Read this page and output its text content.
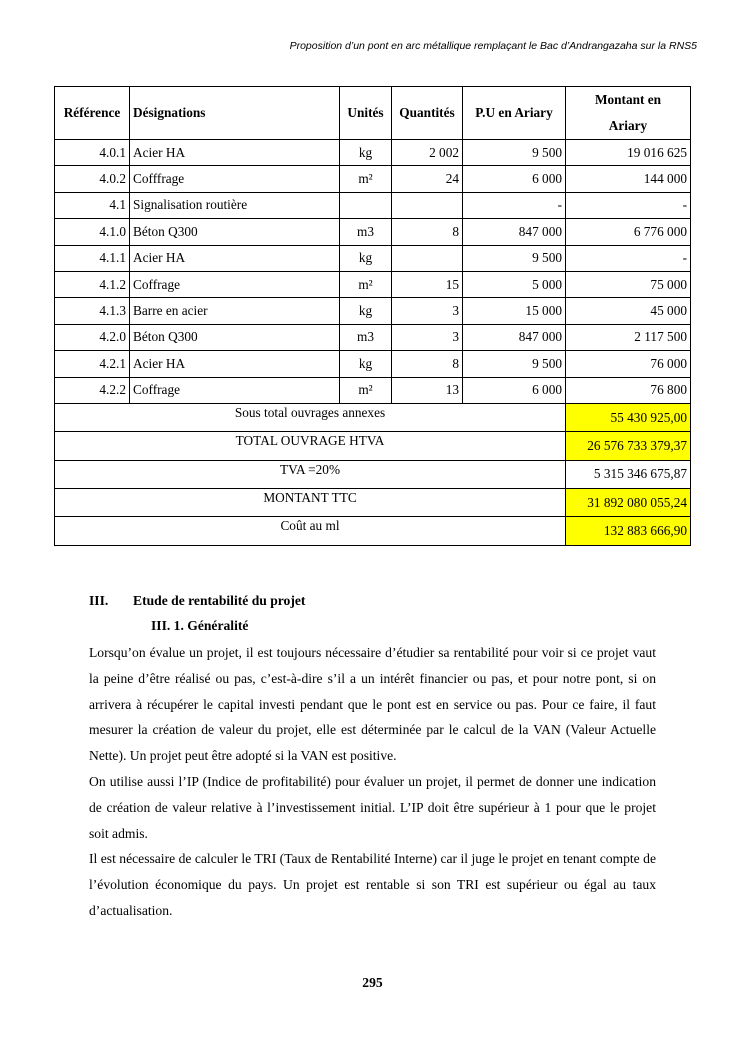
Proposition d’un pont en arc métallique remplaçant le Bac d’Andrangazaha sur la RNS5
Référence	Désignations	Unités	Quantités	P.U en Ariary	Montant en
Ariary

4.0.1	Acier HA	kg	2 002	9 500	19 016 625
4.0.2	Cofffrage	m²	24	6 000	144 000
4.1	Signalisation routière			-	-
4.1.0	Béton Q300	m3	8	847 000	6 776 000
4.1.1	Acier HA	kg		9 500	-
4.1.2	Coffrage	m²	15	5 000	75 000
4.1.3	Barre en acier	kg	3	15 000	45 000
4.2.0	Béton Q300	m3	3	847 000	2 117 500
4.2.1	Acier HA	kg	8	9 500	76 000
4.2.2	Coffrage	m²	13	6 000	76 800
Sous total ouvrages annexes					55 430 925,00
TOTAL OUVRAGE HTVA					26 576 733 379,37
TVA =20%					5 315 346 675,87
MONTANT TTC					31 892 080 055,24
Coût au ml					132 883 666,90
III. Etude de rentabilité du projet
III. 1. Généralité

Lorsqu’on évalue un projet, il est toujours nécessaire d’étudier sa rentabilité pour voir si ce projet vaut la peine d’être réalisé ou pas, c’est-à-dire s’il a un intérêt financier ou pas, et pour notre pont, si on arrivera à récupérer le capital investi pendant que le pont est en service ou pas. Pour ce faire, il faut mesurer la création de valeur du projet, elle est déterminée par le calcul de la VAN (Valeur Actuelle Nette). Un projet peut être adopté si la VAN est positive.

On utilise aussi l’IP (Indice de profitabilité) pour évaluer un projet, il permet de donner une indication de création de valeur relative à l’investissement initial. L’IP doit être supérieur à 1 pour que le projet soit admis.

Il est nécessaire de calculer le TRI (Taux de Rentabilité Interne) car il juge le projet en tenant compte de l’évolution économique du pays. Un projet est rentable si son TRI est supérieur ou égal au taux d’actualisation.

295
